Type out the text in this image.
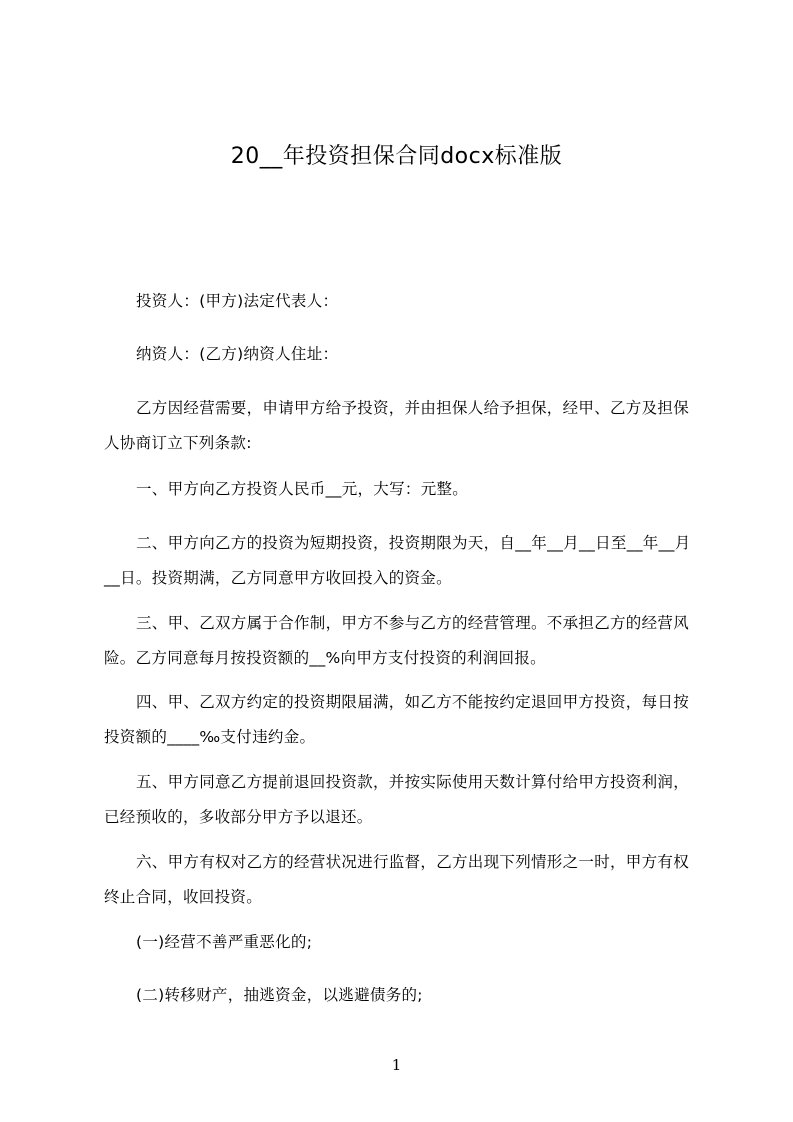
20__年投资担保合同docx标准版

投资人：(甲方)法定代表人：

纳资人：(乙方)纳资人住址：

乙方因经营需要，申请甲方给予投资，并由担保人给予担保，经甲、乙方及担保人协商订立下列条款:

一、甲方向乙方投资人民币__元，大写：元整。

二、甲方向乙方的投资为短期投资，投资期限为天，自__年__月__日至__年__月__日。投资期满，乙方同意甲方收回投入的资金。

三、甲、乙双方属于合作制，甲方不参与乙方的经营管理。不承担乙方的经营风险。乙方同意每月按投资额的__%向甲方支付投资的利润回报。

四、甲、乙双方约定的投资期限届满，如乙方不能按约定退回甲方投资，每日按投资额的____‰支付违约金。

五、甲方同意乙方提前退回投资款，并按实际使用天数计算付给甲方投资利润，已经预收的，多收部分甲方予以退还。

六、甲方有权对乙方的经营状况进行监督，乙方出现下列情形之一时，甲方有权终止合同，收回投资。

(一)经营不善严重恶化的;

(二)转移财产，抽逃资金，以逃避债务的;

1
